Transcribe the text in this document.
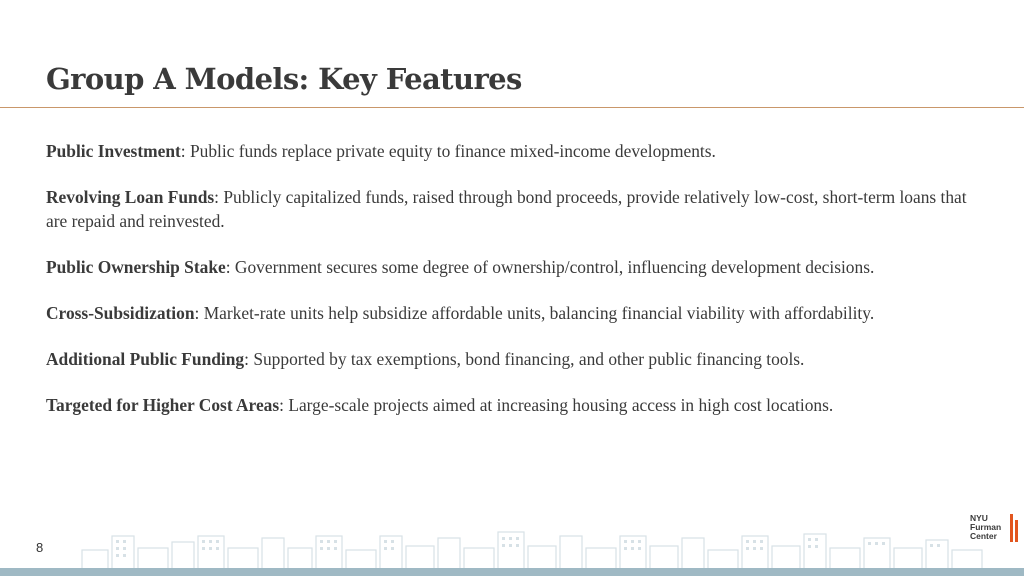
Group A Models: Key Features

Public Investment: Public funds replace private equity to finance mixed-income developments.

Revolving Loan Funds: Publicly capitalized funds, raised through bond proceeds, provide relatively low-cost, short-term loans that are repaid and reinvested.

Public Ownership Stake: Government secures some degree of ownership/control, influencing development decisions.

Cross-Subsidization: Market-rate units help subsidize affordable units, balancing financial viability with affordability.

Additional Public Funding: Supported by tax exemptions, bond financing, and other public financing tools.

Targeted for Higher Cost Areas: Large-scale projects aimed at increasing housing access in high cost locations.

8
NYU
Furman
Center
